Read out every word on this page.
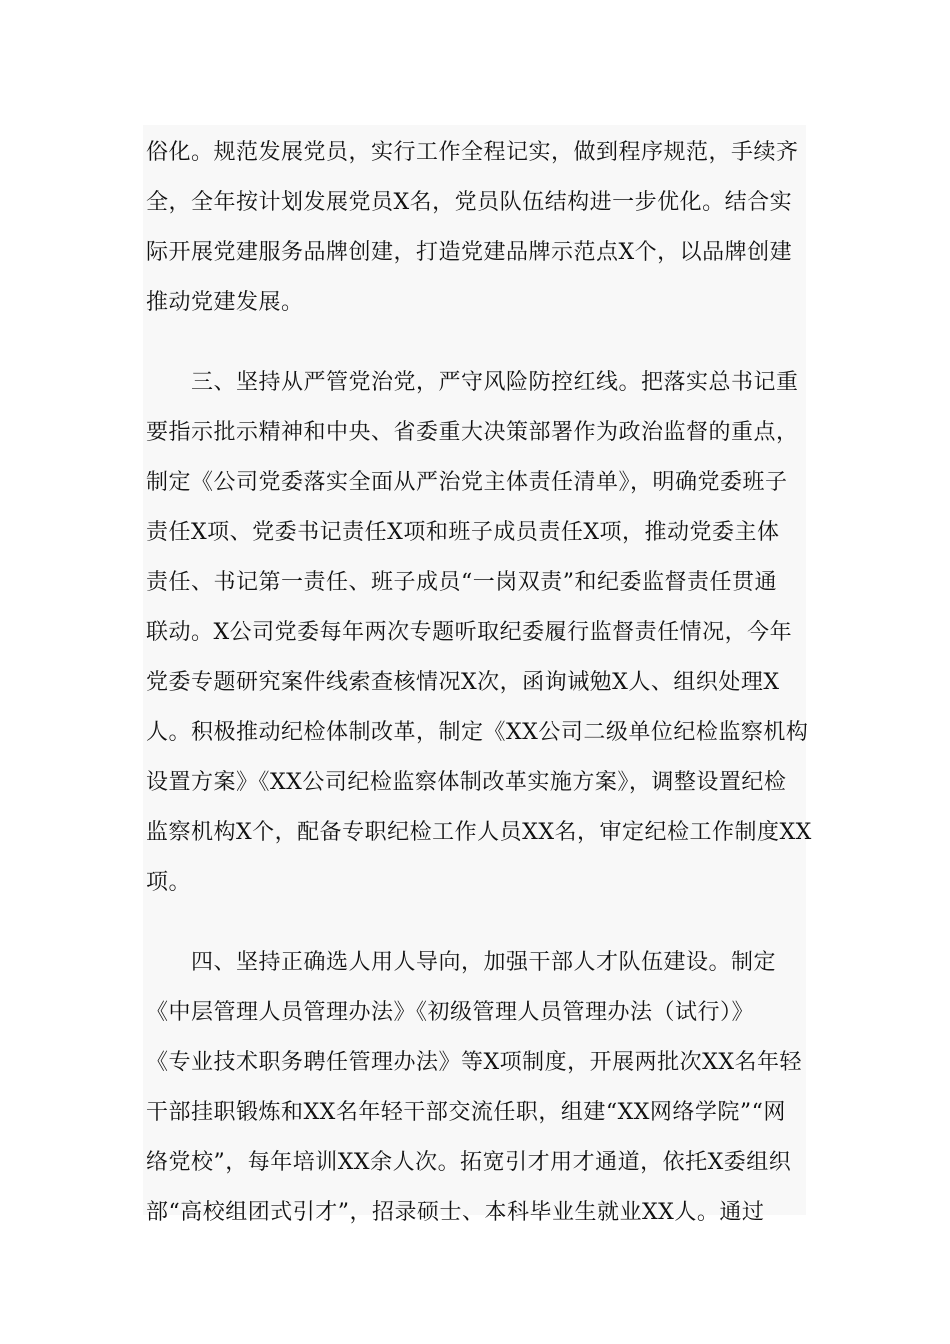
俗化。规范发展党员，实行工作全程记实，做到程序规范，手续齐
全，全年按计划发展党员X名，党员队伍结构进一步优化。结合实
际开展党建服务品牌创建，打造党建品牌示范点X个，以品牌创建
推动党建发展。
　　三、坚持从严管党治党，严守风险防控红线。把落实总书记重
要指示批示精神和中央、省委重大决策部署作为政治监督的重点，
制定《公司党委落实全面从严治党主体责任清单》，明确党委班子
责任X项、党委书记责任X项和班子成员责任X项，推动党委主体
责任、书记第一责任、班子成员“一岗双责”和纪委监督责任贯通
联动。X公司党委每年两次专题听取纪委履行监督责任情况，今年
党委专题研究案件线索查核情况X次，函询诫勉X人、组织处理X
人。积极推动纪检体制改革，制定《XX公司二级单位纪检监察机构
设置方案》《XX公司纪检监察体制改革实施方案》，调整设置纪检
监察机构X个，配备专职纪检工作人员XX名，审定纪检工作制度XX
项。
　　四、坚持正确选人用人导向，加强干部人才队伍建设。制定
《中层管理人员管理办法》《初级管理人员管理办法（试行）》
《专业技术职务聘任管理办法》等X项制度，开展两批次XX名年轻
干部挂职锻炼和XX名年轻干部交流任职，组建“XX网络学院”“网
络党校”，每年培训XX余人次。拓宽引才用才通道，依托X委组织
部“高校组团式引才”，招录硕士、本科毕业生就业XX人。通过
